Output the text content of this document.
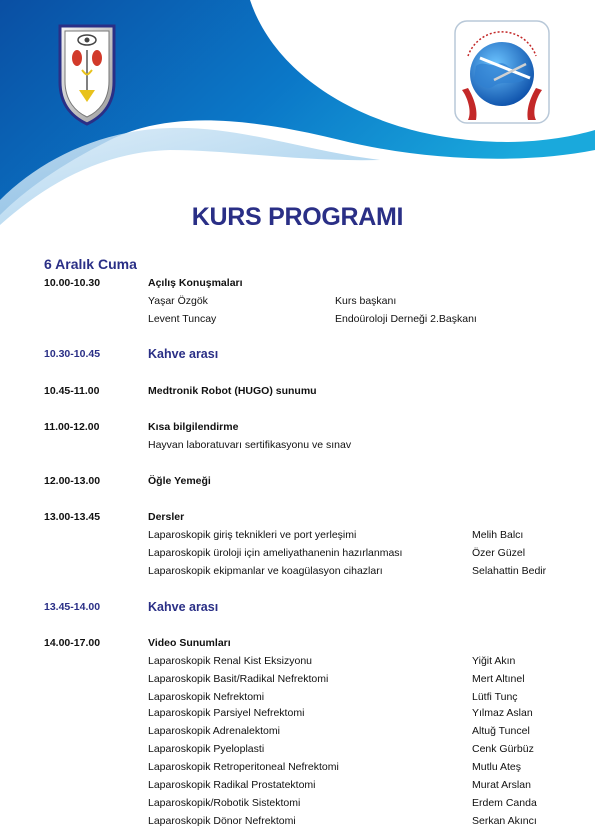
KURS PROGRAMI
6 Aralık Cuma
10.00-10.30	Açılış Konuşmaları
Yaşar Özgök	Kurs başkanı
Levent Tuncay	Endoüroloji Derneği 2.Başkanı
10.30-10.45	Kahve arası
10.45-11.00	Medtronik Robot (HUGO) sunumu
11.00-12.00	Kısa bilgilendirme
Hayvan laboratuvarı sertifikasyonu ve sınav
12.00-13.00	Öğle Yemeği
13.00-13.45	Dersler
Laparoskopik giriş teknikleri ve port yerleşimi	Melih Balcı
Laparoskopik üroloji için ameliyathanenin hazırlanması	Özer Güzel
Laparoskopik ekipmanlar ve koagülasyon cihazları	Selahattin Bedir
13.45-14.00	Kahve arası
14.00-17.00	Video Sunumları
Laparoskopik Renal Kist Eksizyonu	Yiğit Akın
Laparoskopik Basit/Radikal Nefrektomi	Mert Altınel
Laparoskopik Nefrektomi	Lütfi Tunç
Laparoskopik Parsiyel Nefrektomi	Yılmaz Aslan
Laparoskopik Adrenalektomi	Altuğ Tuncel
Laparoskopik Pyeloplasti	Cenk Gürbüz
Laparoskopik Retroperitoneal Nefrektomi	Mutlu Ateş
Laparoskopik Radikal Prostatektomi	Murat Arslan
Laparoskopik/Robotik Sistektomi	Erdem Canda
Laparoskopik Dönor Nefrektomi	Serkan Akıncı
